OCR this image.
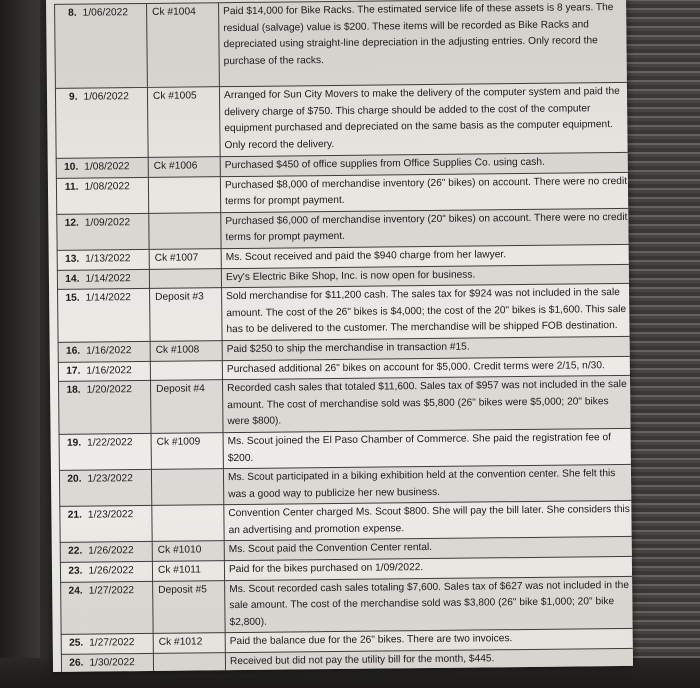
8.	1/06/2022	Ck #1004	Paid $14,000 for Bike Racks. The estimated service life of these assets is 8 years. The residual (salvage) value is $200. These items will be recorded as Bike Racks and depreciated using straight-line depreciation in the adjusting entries. Only record the purchase of the racks.
9.	1/06/2022	Ck #1005	Arranged for Sun City Movers to make the delivery of the computer system and paid the delivery charge of $750. This charge should be added to the cost of the computer equipment purchased and depreciated on the same basis as the computer equipment. Only record the delivery.
10.	1/08/2022	Ck #1006	Purchased $450 of office supplies from Office Supplies Co. using cash.
11.	1/08/2022		Purchased $8,000 of merchandise inventory (26" bikes) on account. There were no credit terms for prompt payment.
12.	1/09/2022		Purchased $6,000 of merchandise inventory (20" bikes) on account. There were no credit terms for prompt payment.
13.	1/13/2022	Ck #1007	Ms. Scout received and paid the $940 charge from her lawyer.
14.	1/14/2022		Evy's Electric Bike Shop, Inc. is now open for business.
15.	1/14/2022	Deposit #3	Sold merchandise for $11,200 cash. The sales tax for $924 was not included in the sale amount. The cost of the 26" bikes is $4,000; the cost of the 20" bikes is $1,600. This sale has to be delivered to the customer. The merchandise will be shipped FOB destination.
16.	1/16/2022	Ck #1008	Paid $250 to ship the merchandise in transaction #15.
17.	1/16/2022		Purchased additional 26" bikes on account for $5,000. Credit terms were 2/15, n/30.
18.	1/20/2022	Deposit #4	Recorded cash sales that totaled $11,600. Sales tax of $957 was not included in the sale amount. The cost of merchandise sold was $5,800 (26" bikes were $5,000; 20" bikes were $800).
19.	1/22/2022	Ck #1009	Ms. Scout joined the El Paso Chamber of Commerce. She paid the registration fee of $200.
20.	1/23/2022		Ms. Scout participated in a biking exhibition held at the convention center. She felt this was a good way to publicize her new business.
21.	1/23/2022		Convention Center charged Ms. Scout $800. She will pay the bill later. She considers this an advertising and promotion expense.
22.	1/26/2022	Ck #1010	Ms. Scout paid the Convention Center rental.
23.	1/26/2022	Ck #1011	Paid for the bikes purchased on 1/09/2022.
24.	1/27/2022	Deposit #5	Ms. Scout recorded cash sales totaling $7,600. Sales tax of $627 was not included in the sale amount. The cost of the merchandise sold was $3,800 (26" bike $1,000; 20" bike $2,800).
25.	1/27/2022	Ck #1012	Paid the balance due for the 26" bikes. There are two invoices.
26.	1/30/2022		Received but did not pay the utility bill for the month, $445.
